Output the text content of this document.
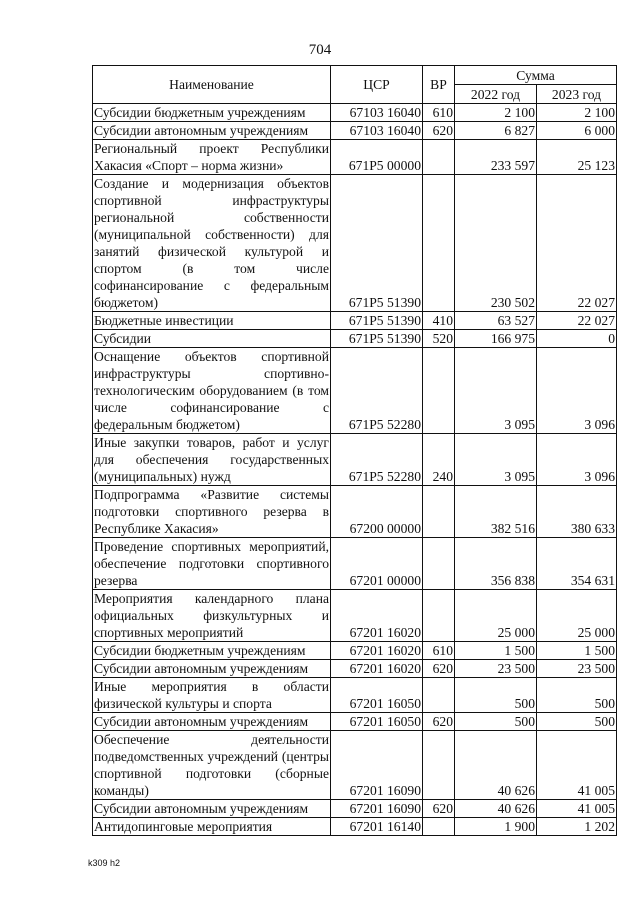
704
Наименование	ЦСР	ВР	Сумма	
			2022 год	2023 год
Субсидии бюджетным учреждениям	67103 16040	610	2 100	2 100
Субсидии автономным учреждениям	67103 16040	620	6 827	6 000
Региональный проект Республики Хакасия «Спорт – норма жизни»	671P5 00000		233 597	25 123
Создание и модернизация объектов спортивной инфраструктуры региональной собственности (муниципальной собственности) для занятий физической культурой и спортом (в том числе софинансирование с федеральным бюджетом)	671P5 51390		230 502	22 027
Бюджетные инвестиции	671P5 51390	410	63 527	22 027
Субсидии	671P5 51390	520	166 975	0
Оснащение объектов спортивной инфраструктуры спортивно-технологическим оборудованием (в том числе софинансирование с федеральным бюджетом)	671P5 52280		3 095	3 096
Иные закупки товаров, работ и услуг для обеспечения государственных (муниципальных) нужд	671P5 52280	240	3 095	3 096
Подпрограмма «Развитие системы подготовки спортивного резерва в Республике Хакасия»	67200 00000		382 516	380 633
Проведение спортивных мероприятий, обеспечение подготовки спортивного резерва	67201 00000		356 838	354 631
Мероприятия календарного плана официальных физкультурных и спортивных мероприятий	67201 16020		25 000	25 000
Субсидии бюджетным учреждениям	67201 16020	610	1 500	1 500
Субсидии автономным учреждениям	67201 16020	620	23 500	23 500
Иные мероприятия в области физической культуры и спорта	67201 16050		500	500
Субсидии автономным учреждениям	67201 16050	620	500	500
Обеспечение деятельности подведомственных учреждений (центры спортивной подготовки (сборные команды)	67201 16090		40 626	41 005
Субсидии автономным учреждениям	67201 16090	620	40 626	41 005
Антидопинговые мероприятия	67201 16140		1 900	1 202
k309 h2
